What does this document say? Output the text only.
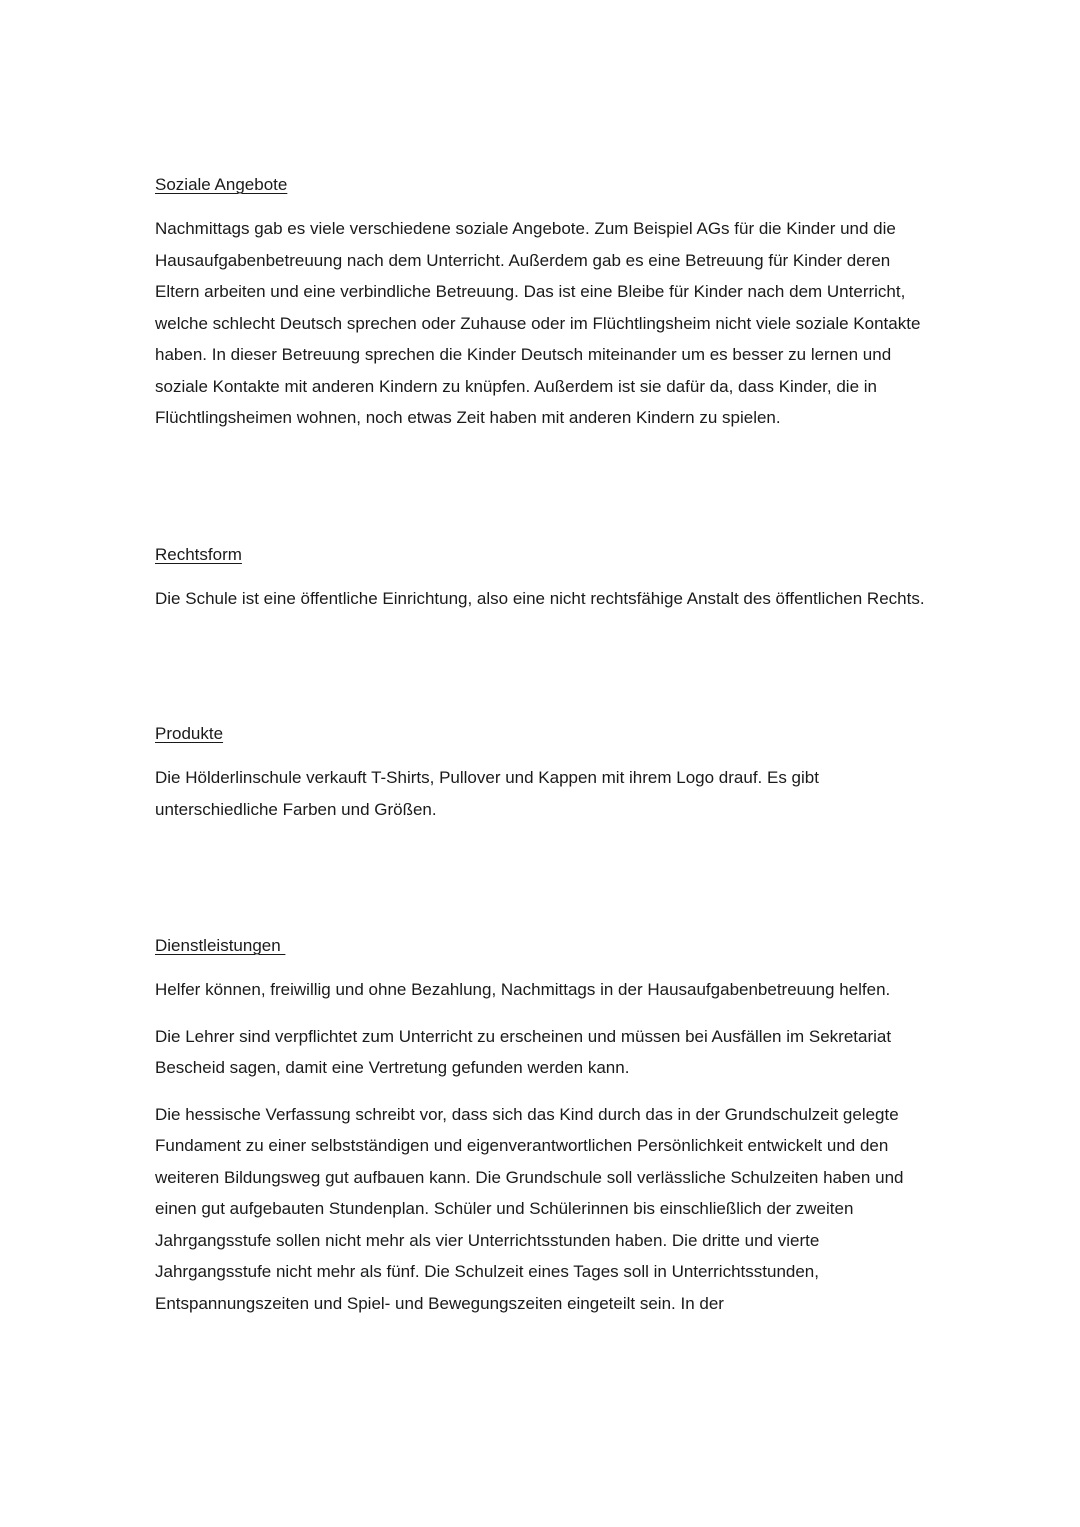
Soziale Angebote

Nachmittags gab es viele verschiedene soziale Angebote. Zum Beispiel AGs für die Kinder und die Hausaufgabenbetreuung nach dem Unterricht. Außerdem gab es eine Betreuung für Kinder deren Eltern arbeiten und eine verbindliche Betreuung. Das ist eine Bleibe für Kinder nach dem Unterricht, welche schlecht Deutsch sprechen oder Zuhause oder im Flüchtlingsheim nicht viele soziale Kontakte haben. In dieser Betreuung sprechen die Kinder Deutsch miteinander um es besser zu lernen und soziale Kontakte mit anderen Kindern zu knüpfen. Außerdem ist sie dafür da, dass Kinder, die in Flüchtlingsheimen wohnen, noch etwas Zeit haben mit anderen Kindern zu spielen.

Rechtsform

Die Schule ist eine öffentliche Einrichtung, also eine nicht rechtsfähige Anstalt des öffentlichen Rechts.

Produkte

Die Hölderlinschule verkauft T-Shirts, Pullover und Kappen mit ihrem Logo drauf. Es gibt unterschiedliche Farben und Größen.

Dienstleistungen

Helfer können, freiwillig und ohne Bezahlung, Nachmittags in der Hausaufgabenbetreuung helfen.

Die Lehrer sind verpflichtet zum Unterricht zu erscheinen und müssen bei Ausfällen im Sekretariat Bescheid sagen, damit eine Vertretung gefunden werden kann.

Die hessische Verfassung schreibt vor, dass sich das Kind durch das in der Grundschulzeit gelegte Fundament zu einer selbstständigen und eigenverantwortlichen Persönlichkeit entwickelt und den weiteren Bildungsweg gut aufbauen kann. Die Grundschule soll verlässliche Schulzeiten haben und einen gut aufgebauten Stundenplan. Schüler und Schülerinnen bis einschließlich der zweiten Jahrgangsstufe sollen nicht mehr als vier Unterrichtsstunden haben. Die dritte und vierte Jahrgangsstufe nicht mehr als fünf. Die Schulzeit eines Tages soll in Unterrichtsstunden, Entspannungszeiten und Spiel- und Bewegungszeiten eingeteilt sein. In der
